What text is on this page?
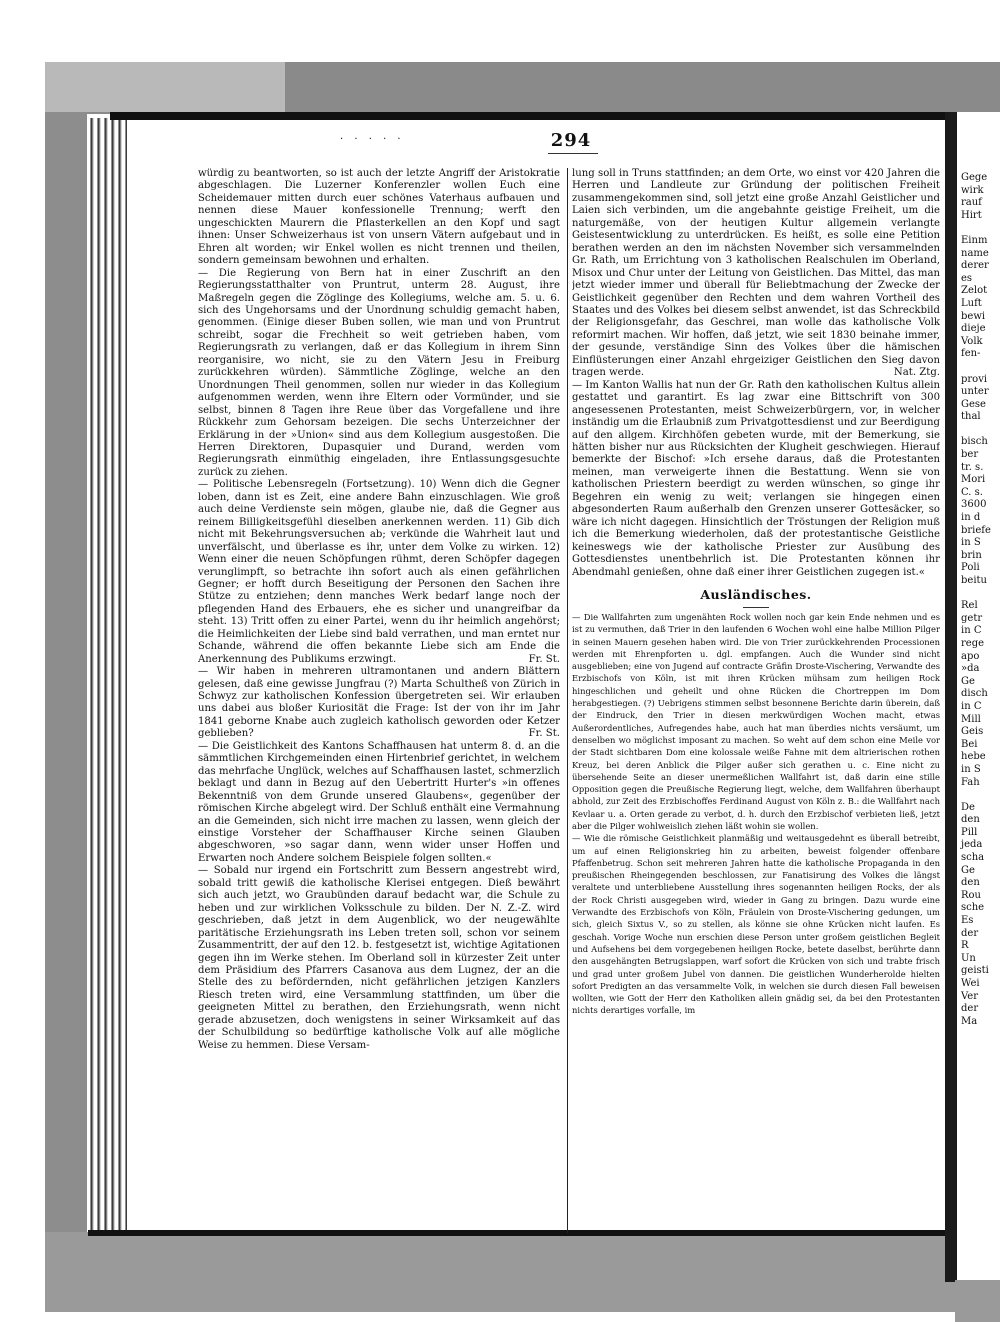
Gege
wirk
rauf
Hirt

Einm
name
derer
es
Zelot
Luft
bewi
dieje
Volk
fen-

provi
unter
Gese
thal

bisch
ber
tr. s.
Mori
C. s.
3600
in d
briefe
in S
brin
Poli
beitu

Rel
getr
in C
rege
apo
»da
Ge
disch
in C
Mill
Geis
Bei
hebe
in S
Fah

De
den
Pill
jeda
scha
Ge
den
Rou
sche
Es
der
R
Un
geisti
Wei
Ver
der
Ma
· · · · ·	294

würdig zu beantworten, so ist auch der letzte Angriff der Aristokratie abgeschlagen. Die Luzerner Konferenzler wollen Euch eine Scheidemauer mitten durch euer schönes Vaterhaus aufbauen und nennen diese Mauer konfessionelle Trennung; werft den ungeschickten Maurern die Pflasterkellen an den Kopf und sagt ihnen: Unser Schweizerhaus ist von unsern Vätern aufgebaut und in Ehren alt worden; wir Enkel wollen es nicht trennen und theilen, sondern gemeinsam bewohnen und erhalten.

— Die Regierung von Bern hat in einer Zuschrift an den Regierungsstatthalter von Pruntrut, unterm 28. August, ihre Maßregeln gegen die Zöglinge des Kollegiums, welche am. 5. u. 6. sich des Ungehorsams und der Unordnung schuldig gemacht haben, genommen. (Einige dieser Buben sollen, wie man und von Pruntrut schreibt, sogar die Frechheit so weit getrieben haben, vom Regierungsrath zu verlangen, daß er das Kollegium in ihrem Sinn reorganisire, wo nicht, sie zu den Vätern Jesu in Freiburg zurückkehren würden). Sämmtliche Zöglinge, welche an den Unordnungen Theil genommen, sollen nur wieder in das Kollegium aufgenommen werden, wenn ihre Eltern oder Vormünder, und sie selbst, binnen 8 Tagen ihre Reue über das Vorgefallene und ihre Rückkehr zum Gehorsam bezeigen. Die sechs Unterzeichner der Erklärung in der »Union« sind aus dem Kollegium ausgestoßen. Die Herren Direktoren, Dupasquier und Durand, werden vom Regierungsrath einmüthig eingeladen, ihre Entlassungsgesuchte zurück zu ziehen.

— Politische Lebensregeln (Fortsetzung). 10) Wenn dich die Gegner loben, dann ist es Zeit, eine andere Bahn einzuschlagen. Wie groß auch deine Verdienste sein mögen, glaube nie, daß die Gegner aus reinem Billigkeitsgefühl dieselben anerkennen werden. 11) Gib dich nicht mit Bekehrungsversuchen ab; verkünde die Wahrheit laut und unverfälscht, und überlasse es ihr, unter dem Volke zu wirken. 12) Wenn einer die neuen Schöpfungen rühmt, deren Schöpfer dagegen verunglimpft, so betrachte ihn sofort auch als einen gefährlichen Gegner; er hofft durch Beseitigung der Personen den Sachen ihre Stütze zu entziehen; denn manches Werk bedarf lange noch der pflegenden Hand des Erbauers, ehe es sicher und unangreifbar da steht. 13) Tritt offen zu einer Partei, wenn du ihr heimlich angehörst; die Heimlichkeiten der Liebe sind bald verrathen, und man erntet nur Schande, während die offen bekannte Liebe sich am Ende die Anerkennung des Publikums erzwingt.	Fr. St.

— Wir haben in mehreren ultramontanen und andern Blättern gelesen, daß eine gewisse Jungfrau (?) Marta Schultheß von Zürich in Schwyz zur katholischen Konfession übergetreten sei. Wir erlauben uns dabei aus bloßer Kuriosität die Frage: Ist der von ihr im Jahr 1841 geborne Knabe auch zugleich katholisch geworden oder Ketzer geblieben?	Fr. St.

— Die Geistlichkeit des Kantons Schaffhausen hat unterm 8. d. an die sämmtlichen Kirchgemeinden einen Hirtenbrief gerichtet, in welchem das mehrfache Unglück, welches auf Schaffhausen lastet, schmerzlich beklagt und dann in Bezug auf den Uebertritt Hurter's »in offenes Bekenntniß von dem Grunde unsered Glaubens«, gegenüber der römischen Kirche abgelegt wird. Der Schluß enthält eine Vermahnung an die Gemeinden, sich nicht irre machen zu lassen, wenn gleich der einstige Vorsteher der Schaffhauser Kirche seinen Glauben abgeschworen, »so sagar dann, wenn wider unser Hoffen und Erwarten noch Andere solchem Beispiele folgen sollten.«

— Sobald nur irgend ein Fortschritt zum Bessern angestrebt wird, sobald tritt gewiß die katholische Klerisei entgegen. Dieß bewährt sich auch jetzt, wo Graubünden darauf bedacht war, die Schule zu heben und zur wirklichen Volksschule zu bilden. Der N. Z.-Z. wird geschrieben, daß jetzt in dem Augenblick, wo der neugewählte paritätische Erziehungsrath ins Leben treten soll, schon vor seinem Zusammentritt, der auf den 12. b. festgesetzt ist, wichtige Agitationen gegen ihn im Werke stehen. Im Oberland soll in kürzester Zeit unter dem Präsidium des Pfarrers Casanova aus dem Lugnez, der an die Stelle des zu befördernden, nicht gefährlichen jetzigen Kanzlers Riesch treten wird, eine Versammlung stattfinden, um über die geeigneten Mittel zu berathen, den Erziehungsrath, wenn nicht gerade abzusetzen, doch wenigstens in seiner Wirksamkeit auf das der Schulbildung so bedürftige katholische Volk auf alle mögliche Weise zu hemmen. Diese Versam-

lung soll in Truns stattfinden; an dem Orte, wo einst vor 420 Jahren die Herren und Landleute zur Gründung der politischen Freiheit zusammengekommen sind, soll jetzt eine große Anzahl Geistlicher und Laien sich verbinden, um die angebahnte geistige Freiheit, um die naturgemäße, von der heutigen Kultur allgemein verlangte Geistesentwicklung zu unterdrücken. Es heißt, es solle eine Petition berathen werden an den im nächsten November sich versammelnden Gr. Rath, um Errichtung von 3 katholischen Realschulen im Oberland, Misox und Chur unter der Leitung von Geistlichen. Das Mittel, das man jetzt wieder immer und überall für Beliebtmachung der Zwecke der Geistlichkeit gegenüber den Rechten und dem wahren Vortheil des Staates und des Volkes bei diesem selbst anwendet, ist das Schreckbild der Religionsgefahr, das Geschrei, man wolle das katholische Volk reformirt machen. Wir hoffen, daß jetzt, wie seit 1830 beinahe immer, der gesunde, verständige Sinn des Volkes über die hämischen Einflüsterungen einer Anzahl ehrgeiziger Geistlichen den Sieg davon tragen werde.	Nat. Ztg.

— Im Kanton Wallis hat nun der Gr. Rath den katholischen Kultus allein gestattet und garantirt. Es lag zwar eine Bittschrift von 300 angesessenen Protestanten, meist Schweizerbürgern, vor, in welcher inständig um die Erlaubniß zum Privatgottesdienst und zur Beerdigung auf den allgem. Kirchhöfen gebeten wurde, mit der Bemerkung, sie hätten bisher nur aus Rücksichten der Klugheit geschwiegen. Hierauf bemerkte der Bischof: »Ich ersehe daraus, daß die Protestanten meinen, man verweigerte ihnen die Bestattung. Wenn sie von katholischen Priestern beerdigt zu werden wünschen, so ginge ihr Begehren ein wenig zu weit; verlangen sie hingegen einen abgesonderten Raum außerhalb den Grenzen unserer Gottesäcker, so wäre ich nicht dagegen. Hinsichtlich der Tröstungen der Religion muß ich die Bemerkung wiederholen, daß der protestantische Geistliche keineswegs wie der katholische Priester zur Ausübung des Gottesdienstes unentbehrlich ist. Die Protestanten können ihr Abendmahl genießen, ohne daß einer ihrer Geistlichen zugegen ist.«

Ausländisches.

— Die Wallfahrten zum ungenähten Rock wollen noch gar kein Ende nehmen und es ist zu vermuthen, daß Trier in den laufenden 6 Wochen wohl eine halbe Million Pilger in seinen Mauern gesehen haben wird. Die von Trier zurückkehrenden Processionen werden mit Ehrenpforten u. dgl. empfangen. Auch die Wunder sind nicht ausgeblieben; eine von Jugend auf contracte Gräfin Droste-Vischering, Verwandte des Erzbischofs von Köln, ist mit ihren Krücken mühsam zum heiligen Rock hingeschlichen und geheilt und ohne Rücken die Chortreppen im Dom herabgestiegen. (?) Uebrigens stimmen selbst besonnene Berichte darin überein, daß der Eindruck, den Trier in diesen merkwürdigen Wochen macht, etwas Außerordentliches, Aufregendes habe, auch hat man überdies nichts versäumt, um denselben wo möglichst imposant zu machen. So weht auf dem schon eine Meile vor der Stadt sichtbaren Dom eine kolossale weiße Fahne mit dem altrierischen rothen Kreuz, bei deren Anblick die Pilger außer sich gerathen u. c. Eine nicht zu übersehende Seite an dieser unermeßlichen Wallfahrt ist, daß darin eine stille Opposition gegen die Preußische Regierung liegt, welche, dem Wallfahren überhaupt abhold, zur Zeit des Erzbischoffes Ferdinand August von Köln z. B.: die Wallfahrt nach Kevlaar u. a. Orten gerade zu verbot, d. h. durch den Erzbischof verbieten ließ, jetzt aber die Pilger wohlweislich ziehen läßt wohin sie wollen.

— Wie die römische Geistlichkeit planmäßig und weitausgedehnt es überall betreibt, um auf einen Religionskrieg hin zu arbeiten, beweist folgender offenbare Pfaffenbetrug. Schon seit mehreren Jahren hatte die katholische Propaganda in den preußischen Rheingegenden beschlossen, zur Fanatisirung des Volkes die längst veraltete und unterbliebene Ausstellung ihres sogenannten heiligen Rocks, der als der Rock Christi ausgegeben wird, wieder in Gang zu bringen. Dazu wurde eine Verwandte des Erzbischofs von Köln, Fräulein von Droste-Vischering gedungen, um sich, gleich Sixtus V., so zu stellen, als könne sie ohne Krücken nicht laufen. Es geschah. Vorige Woche nun erschien diese Person unter großem geistlichen Begleit und Aufsehens bei dem vorgegebenen heiligen Rocke, betete daselbst, berührte dann den ausgehängten Betrugslappen, warf sofort die Krücken von sich und trabte frisch und grad unter großem Jubel von dannen. Die geistlichen Wunderherolde hielten sofort Predigten an das versammelte Volk, in welchen sie durch diesen Fall beweisen wollten, wie Gott der Herr den Katholiken allein gnädig sei, da bei den Protestanten nichts derartiges vorfalle, im
